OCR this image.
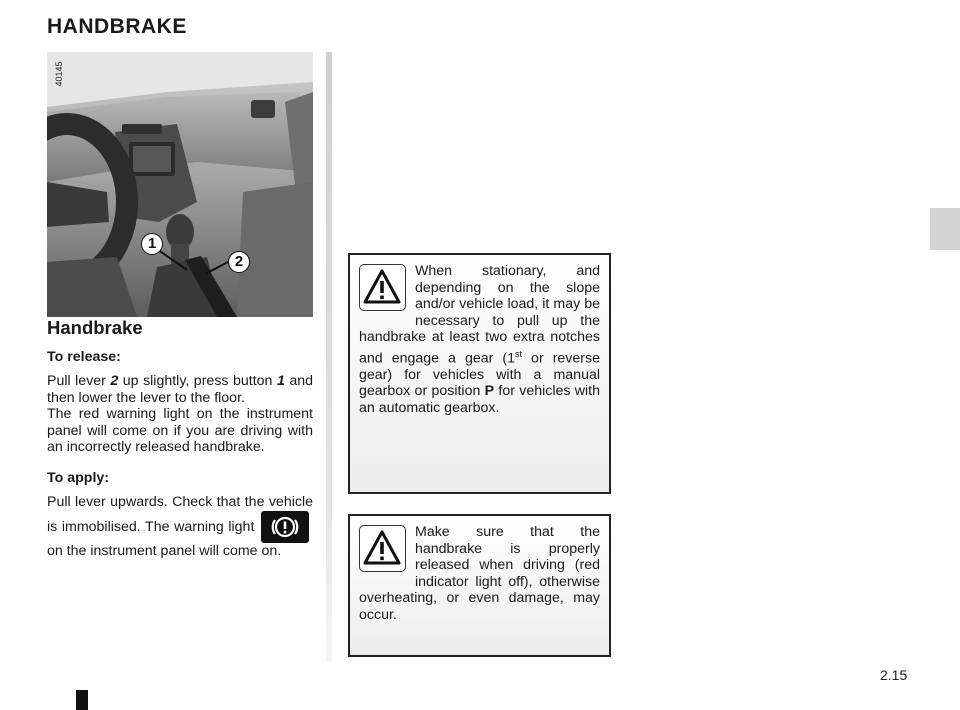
HANDBRAKE
40145
1
2
Handbrake
To release:
Pull lever 2 up slightly, press button 1 and then lower the lever to the floor.
The red warning light on the instrument panel will come on if you are driving with an incorrectly released handbrake.
To apply:
Pull lever upwards. Check that the vehicle is immobilised. The warning light
on the instrument panel will come on.
When stationary, and depending on the slope and/or vehicle load, it may be necessary to pull up the handbrake at least two extra notches and engage a gear (1st or reverse gear) for vehicles with a manual gearbox or position P for vehicles with an automatic gearbox.
Make sure that the handbrake is properly released when driving (red indicator light off), otherwise overheating, or even damage, may occur.
2.15
